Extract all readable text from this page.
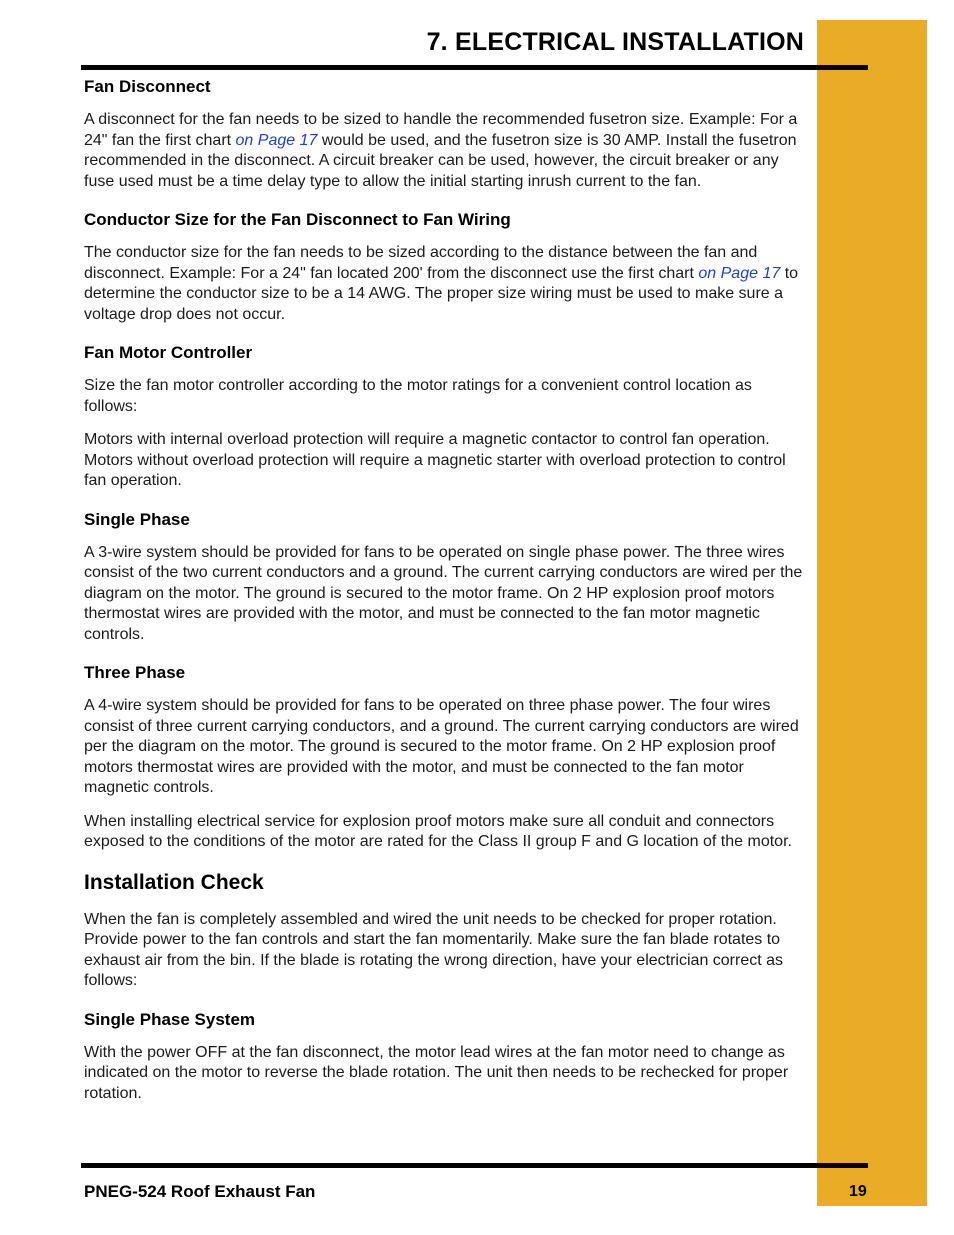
7. ELECTRICAL INSTALLATION
Fan Disconnect

A disconnect for the fan needs to be sized to handle the recommended fusetron size. Example: For a 24" fan the first chart on Page 17 would be used, and the fusetron size is 30 AMP. Install the fusetron recommended in the disconnect. A circuit breaker can be used, however, the circuit breaker or any fuse used must be a time delay type to allow the initial starting inrush current to the fan.

Conductor Size for the Fan Disconnect to Fan Wiring

The conductor size for the fan needs to be sized according to the distance between the fan and disconnect. Example: For a 24" fan located 200' from the disconnect use the first chart on Page 17 to determine the conductor size to be a 14 AWG. The proper size wiring must be used to make sure a voltage drop does not occur.

Fan Motor Controller

Size the fan motor controller according to the motor ratings for a convenient control location as follows:

Motors with internal overload protection will require a magnetic contactor to control fan operation. Motors without overload protection will require a magnetic starter with overload protection to control fan operation.

Single Phase

A 3-wire system should be provided for fans to be operated on single phase power. The three wires consist of the two current conductors and a ground. The current carrying conductors are wired per the diagram on the motor. The ground is secured to the motor frame. On 2 HP explosion proof motors thermostat wires are provided with the motor, and must be connected to the fan motor magnetic controls.

Three Phase

A 4-wire system should be provided for fans to be operated on three phase power. The four wires consist of three current carrying conductors, and a ground. The current carrying conductors are wired per the diagram on the motor. The ground is secured to the motor frame. On 2 HP explosion proof motors thermostat wires are provided with the motor, and must be connected to the fan motor magnetic controls.

When installing electrical service for explosion proof motors make sure all conduit and connectors exposed to the conditions of the motor are rated for the Class II group F and G location of the motor.

Installation Check

When the fan is completely assembled and wired the unit needs to be checked for proper rotation. Provide power to the fan controls and start the fan momentarily. Make sure the fan blade rotates to exhaust air from the bin. If the blade is rotating the wrong direction, have your electrician correct as follows:

Single Phase System

With the power OFF at the fan disconnect, the motor lead wires at the fan motor need to change as indicated on the motor to reverse the blade rotation. The unit then needs to be rechecked for proper rotation.

PNEG-524 Roof Exhaust Fan	19
